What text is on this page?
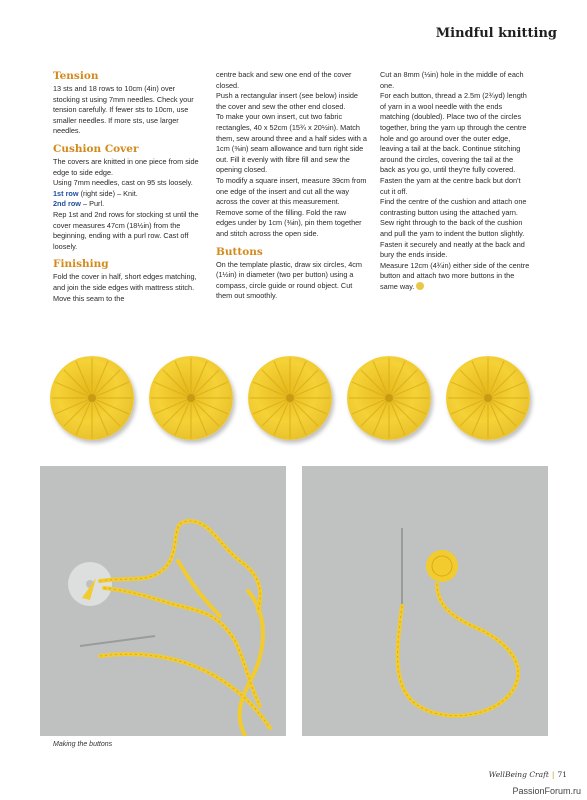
Mindful knitting
Tension

13 sts and 18 rows to 10cm (4in) over stocking st using 7mm needles. Check your tension carefully. If fewer sts to 10cm, use smaller needles. If more sts, use larger needles.

Cushion Cover

The covers are knitted in one piece from side edge to side edge.

Using 7mm needles, cast on 95 sts loosely.

1st row (right side) – Knit.

2nd row – Purl.

Rep 1st and 2nd rows for stocking st until the cover measures 47cm (18½in) from the beginning, ending with a purl row. Cast off loosely.

Finishing

Fold the cover in half, short edges matching, and join the side edges with mattress stitch. Move this seam to the

centre back and sew one end of the cover closed.

Push a rectangular insert (see below) inside the cover and sew the other end closed.

To make your own insert, cut two fabric rectangles, 40 x 52cm (15¾ x 20½in). Match them, sew around three and a half sides with a 1cm (⅜in) seam allowance and turn right side out. Fill it evenly with fibre fill and sew the opening closed.

To modify a square insert, measure 39cm from one edge of the insert and cut all the way across the cover at this measurement. Remove some of the filling. Fold the raw edges under by 1cm (⅜in), pin them together and stitch across the open side.

Buttons

On the template plastic, draw six circles, 4cm (1½in) in diameter (two per button) using a compass, circle guide or round object. Cut them out smoothly.

Cut an 8mm (⅓in) hole in the middle of each one.

For each button, thread a 2.5m (2¾yd) length of yarn in a wool needle with the ends matching (doubled). Place two of the circles together, bring the yarn up through the centre hole and go around over the outer edge, leaving a tail at the back. Continue stitching around the circles, covering the tail at the back as you go, until they're fully covered. Fasten the yarn at the centre back but don't cut it off.

Find the centre of the cushion and attach one contrasting button using the attached yarn. Sew right through to the back of the cushion and pull the yarn to indent the button slightly. Fasten it securely and neatly at the back and bury the ends inside.

Measure 12cm (4¾in) either side of the centre button and attach two more buttons in the same way.

Making the buttons
WellBeing Craft | 71
PassionForum.ru
